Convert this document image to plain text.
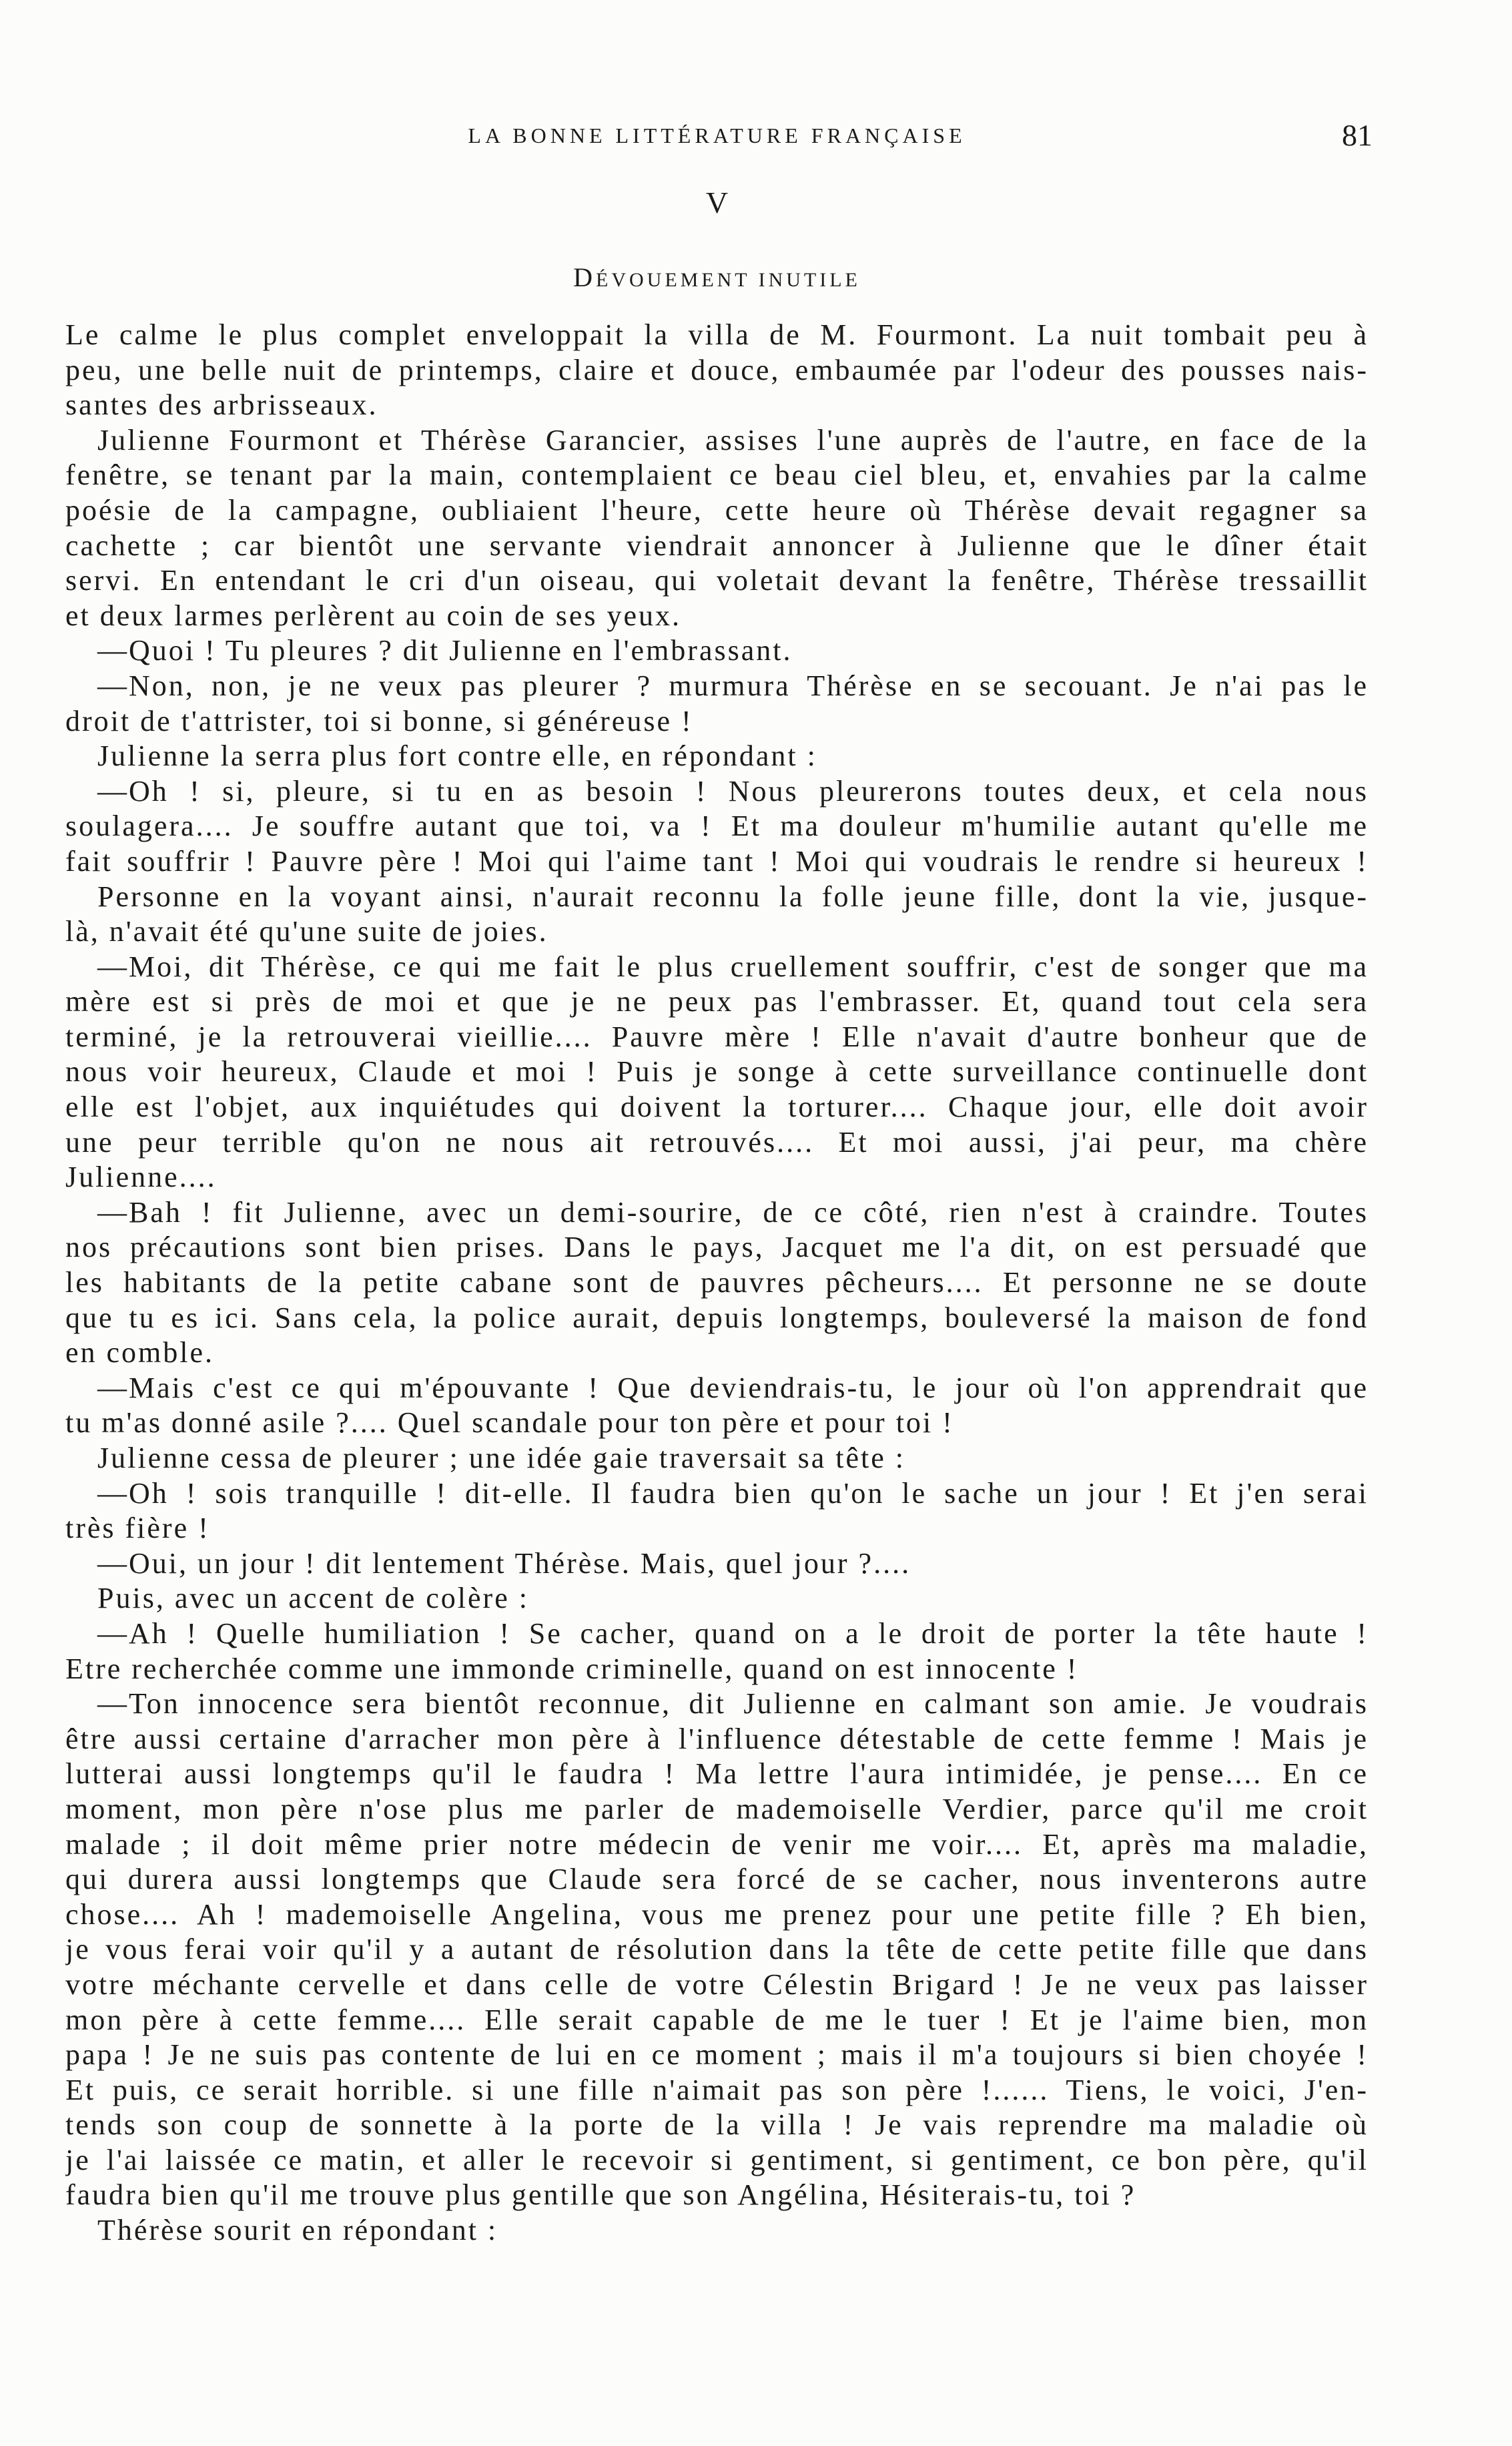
LA BONNE LITTÉRATURE FRANÇAISE	81
V
DÉVOUEMENT INUTILE
Le calme le plus complet enveloppait la villa de M. Fourmont. La nuit tombait peu à
peu, une belle nuit de printemps, claire et douce, embaumée par l'odeur des pousses nais-
santes des arbrisseaux.
Julienne Fourmont et Thérèse Garancier, assises l'une auprès de l'autre, en face de la
fenêtre, se tenant par la main, contemplaient ce beau ciel bleu, et, envahies par la calme
poésie de la campagne, oubliaient l'heure, cette heure où Thérèse devait regagner sa
cachette ; car bientôt une servante viendrait annoncer à Julienne que le dîner était
servi. En entendant le cri d'un oiseau, qui voletait devant la fenêtre, Thérèse tressaillit
et deux larmes perlèrent au coin de ses yeux.
—Quoi ! Tu pleures ? dit Julienne en l'embrassant.
—Non, non, je ne veux pas pleurer ? murmura Thérèse en se secouant. Je n'ai pas le
droit de t'attrister, toi si bonne, si généreuse !
Julienne la serra plus fort contre elle, en répondant :
—Oh ! si, pleure, si tu en as besoin ! Nous pleurerons toutes deux, et cela nous
soulagera.... Je souffre autant que toi, va ! Et ma douleur m'humilie autant qu'elle me
fait souffrir ! Pauvre père ! Moi qui l'aime tant ! Moi qui voudrais le rendre si heureux !
Personne en la voyant ainsi, n'aurait reconnu la folle jeune fille, dont la vie, jusque-
là, n'avait été qu'une suite de joies.
—Moi, dit Thérèse, ce qui me fait le plus cruellement souffrir, c'est de songer que ma
mère est si près de moi et que je ne peux pas l'embrasser. Et, quand tout cela sera
terminé, je la retrouverai vieillie.... Pauvre mère ! Elle n'avait d'autre bonheur que de
nous voir heureux, Claude et moi ! Puis je songe à cette surveillance continuelle dont
elle est l'objet, aux inquiétudes qui doivent la torturer.... Chaque jour, elle doit avoir
une peur terrible qu'on ne nous ait retrouvés.... Et moi aussi, j'ai peur, ma chère
Julienne....
—Bah ! fit Julienne, avec un demi-sourire, de ce côté, rien n'est à craindre. Toutes
nos précautions sont bien prises. Dans le pays, Jacquet me l'a dit, on est persuadé que
les habitants de la petite cabane sont de pauvres pêcheurs.... Et personne ne se doute
que tu es ici. Sans cela, la police aurait, depuis longtemps, bouleversé la maison de fond
en comble.
—Mais c'est ce qui m'épouvante ! Que deviendrais-tu, le jour où l'on apprendrait que
tu m'as donné asile ?.... Quel scandale pour ton père et pour toi !
Julienne cessa de pleurer ; une idée gaie traversait sa tête :
—Oh ! sois tranquille ! dit-elle. Il faudra bien qu'on le sache un jour ! Et j'en serai
très fière !
—Oui, un jour ! dit lentement Thérèse. Mais, quel jour ?....
Puis, avec un accent de colère :
—Ah ! Quelle humiliation ! Se cacher, quand on a le droit de porter la tête haute !
Etre recherchée comme une immonde criminelle, quand on est innocente !
—Ton innocence sera bientôt reconnue, dit Julienne en calmant son amie. Je voudrais
être aussi certaine d'arracher mon père à l'influence détestable de cette femme ! Mais je
lutterai aussi longtemps qu'il le faudra ! Ma lettre l'aura intimidée, je pense.... En ce
moment, mon père n'ose plus me parler de mademoiselle Verdier, parce qu'il me croit
malade ; il doit même prier notre médecin de venir me voir.... Et, après ma maladie,
qui durera aussi longtemps que Claude sera forcé de se cacher, nous inventerons autre
chose.... Ah ! mademoiselle Angelina, vous me prenez pour une petite fille ? Eh bien,
je vous ferai voir qu'il y a autant de résolution dans la tête de cette petite fille que dans
votre méchante cervelle et dans celle de votre Célestin Brigard ! Je ne veux pas laisser
mon père à cette femme.... Elle serait capable de me le tuer ! Et je l'aime bien, mon
papa ! Je ne suis pas contente de lui en ce moment ; mais il m'a toujours si bien choyée !
Et puis, ce serait horrible. si une fille n'aimait pas son père !...... Tiens, le voici, J'en-
tends son coup de sonnette à la porte de la villa ! Je vais reprendre ma maladie où
je l'ai laissée ce matin, et aller le recevoir si gentiment, si gentiment, ce bon père, qu'il
faudra bien qu'il me trouve plus gentille que son Angélina, Hésiterais-tu, toi ?
Thérèse sourit en répondant :
